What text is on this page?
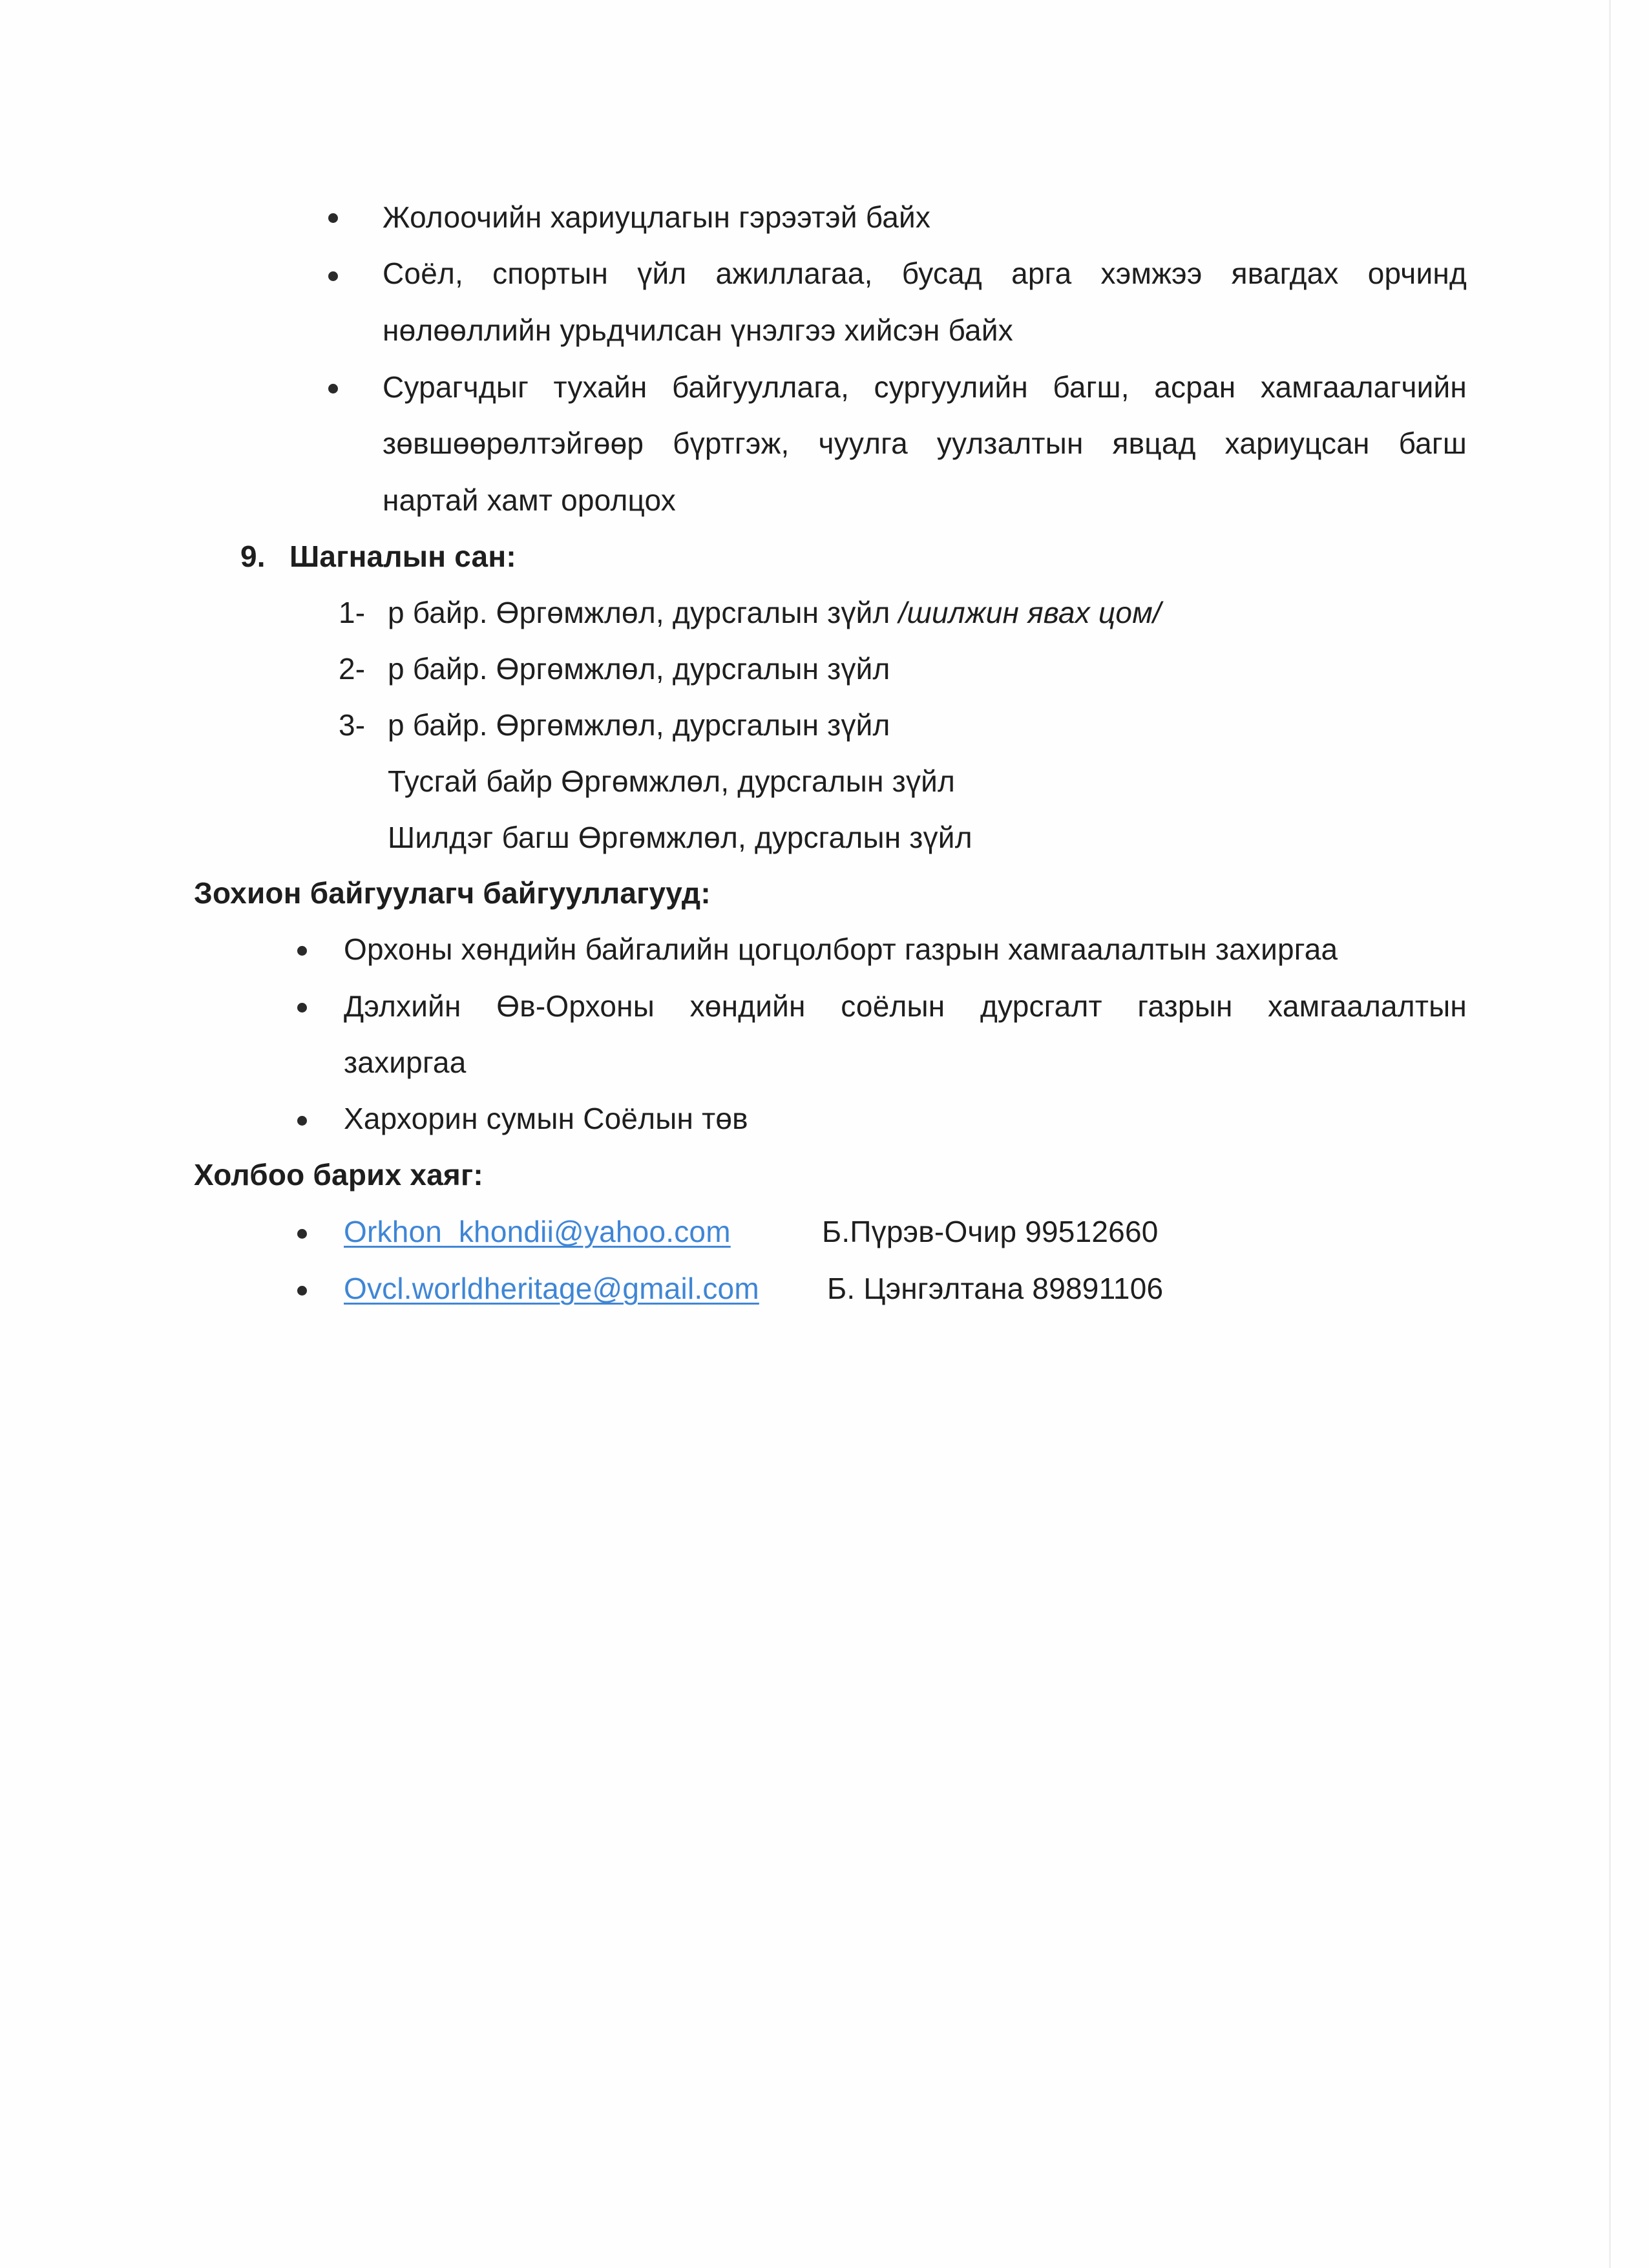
Жолоочийн хариуцлагын гэрээтэй байх
Соёл, спортын үйл ажиллагаа, бусад арга хэмжээ явагдах орчинд
нөлөөллийн урьдчилсан үнэлгээ хийсэн байх
Сурагчдыг тухайн байгууллага, сургуулийн багш, асран хамгаалагчийн
зөвшөөрөлтэйгөөр бүртгэж, чуулга уулзалтын явцад хариуцсан багш
нартай хамт оролцох
9. Шагналын сан:
1- р байр. Өргөмжлөл, дурсгалын зүйл /шилжин явах цом/
2- р байр. Өргөмжлөл, дурсгалын зүйл
3- р байр. Өргөмжлөл, дурсгалын зүйл
Тусгай байр Өргөмжлөл, дурсгалын зүйл
Шилдэг багш Өргөмжлөл, дурсгалын зүйл
Зохион байгуулагч байгууллагууд:
Орхоны хөндийн байгалийн цогцолборт газрын хамгаалалтын захиргаа
Дэлхийн Өв-Орхоны хөндийн соёлын дурсгалт газрын хамгаалалтын
захиргаа
Хархорин сумын Соёлын төв
Холбоо барих хаяг:
Orkhon_khondii@yahoo.com	Б.Пүрэв-Очир 99512660
Ovcl.worldheritage@gmail.com Б. Цэнгэлтана 89891106
